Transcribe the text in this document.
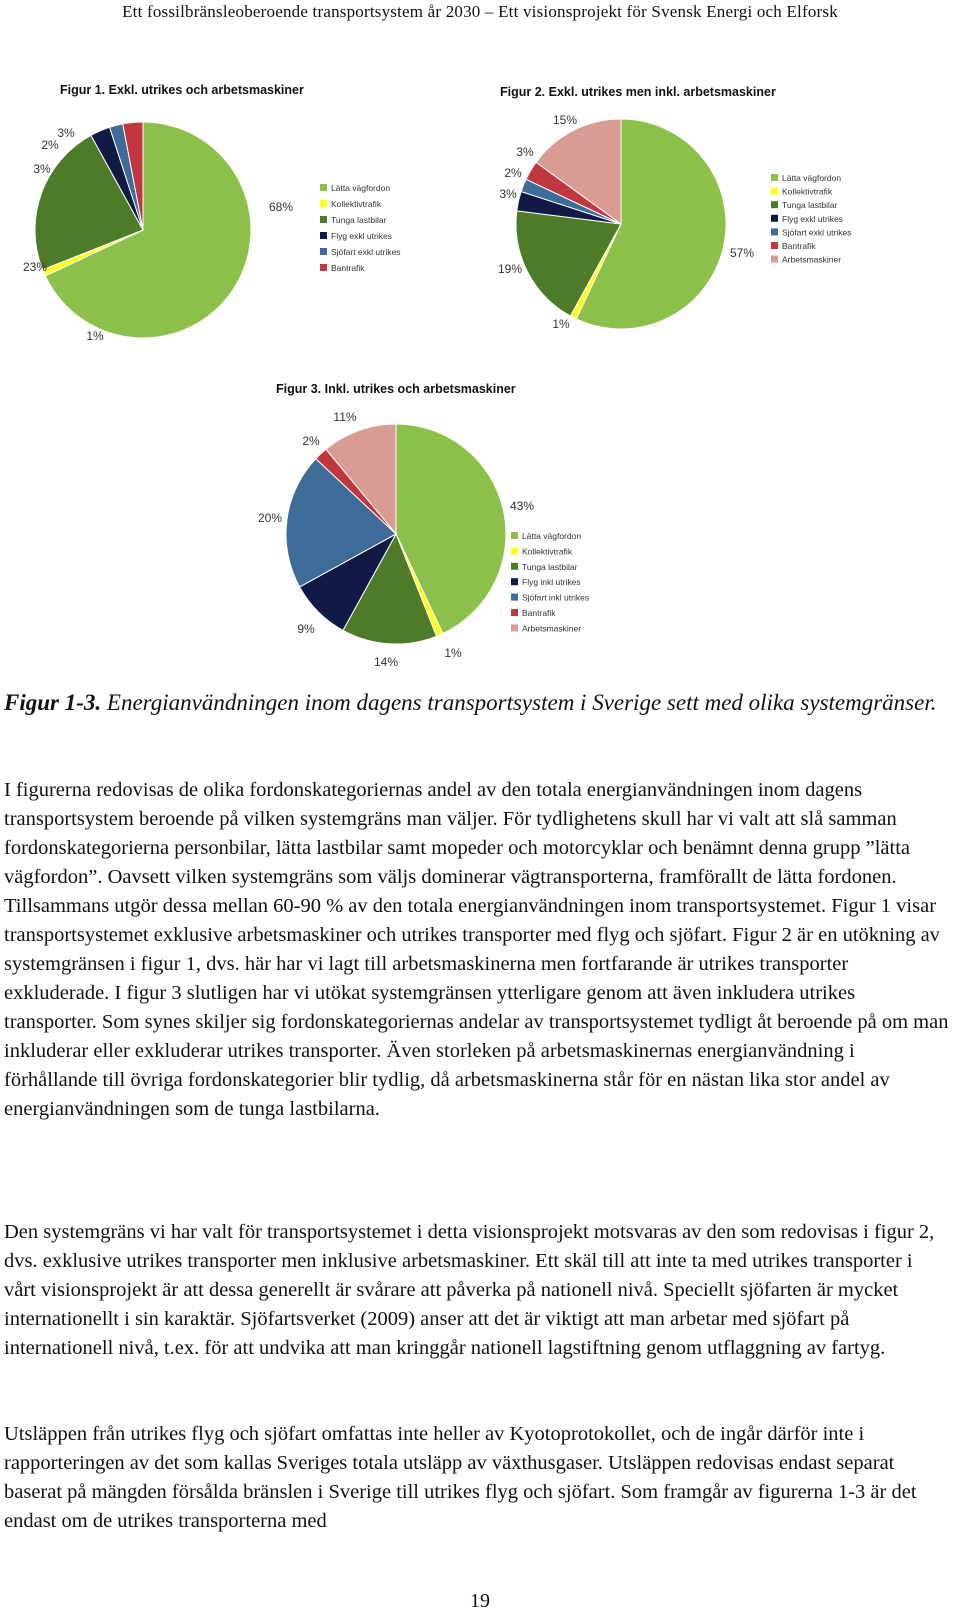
Ett fossilbränsleoberoende transportsystem år 2030 – Ett visionsprojekt för Svensk Energi och Elforsk
Figur 1. Exkl. utrikes och arbetsmaskiner	Figur 2. Exkl. utrikes men inkl. arbetsmaskiner
Figur 3. Inkl. utrikes och arbetsmaskiner
68%
1%
23%
3%
2%
3%
Lätta vägfordon
Kollektivtrafik
Tunga lastbilar
Flyg exkl utrikes
Sjöfart exkl utrikes
Bantrafik
57%
1%
19%
3%
2%
3%
15%
Lätta vägfordon
Kollektivtrafik
Tunga lastbilar
Flyg exkl utrikes
Sjöfart exkl utrikes
Bantrafik
Arbetsmaskiner
43%
1%
14%
9%
20%
2%
11%
Lätta vägfordon
Kollektivtrafik
Tunga lastbilar
Flyg inkl utrikes
Sjöfart inkl utrikes
Bantrafik
Arbetsmaskiner
Figur 1-3. Energianvändningen inom dagens transportsystem i Sverige sett med olika systemgränser.

I figurerna redovisas de olika fordonskategoriernas andel av den totala energianvändningen inom dagens transportsystem beroende på vilken systemgräns man väljer. För tydlighetens skull har vi valt att slå samman fordonskategorierna personbilar, lätta lastbilar samt mopeder och motorcyklar och benämnt denna grupp ”lätta vägfordon”. Oavsett vilken systemgräns som väljs dominerar vägtransporterna, framförallt de lätta fordonen. Tillsammans utgör dessa mellan 60-90 % av den totala energianvändningen inom transportsystemet. Figur 1 visar transportsystemet exklusive arbetsmaskiner och utrikes transporter med flyg och sjöfart. Figur 2 är en utökning av systemgränsen i figur 1, dvs. här har vi lagt till arbetsmaskinerna men fortfarande är utrikes transporter exkluderade. I figur 3 slutligen har vi utökat systemgränsen ytterligare genom att även inkludera utrikes transporter. Som synes skiljer sig fordonskategoriernas andelar av transportsystemet tydligt åt beroende på om man inkluderar eller exkluderar utrikes transporter. Även storleken på arbetsmaskinernas energianvändning i förhållande till övriga fordonskategorier blir tydlig, då arbetsmaskinerna står för en nästan lika stor andel av energianvändningen som de tunga lastbilarna.

Den systemgräns vi har valt för transportsystemet i detta visionsprojekt motsvaras av den som redovisas i figur 2, dvs. exklusive utrikes transporter men inklusive arbetsmaskiner. Ett skäl till att inte ta med utrikes transporter i vårt visionsprojekt är att dessa generellt är svårare att påverka på nationell nivå. Speciellt sjöfarten är mycket internationellt i sin karaktär. Sjöfartsverket (2009) anser att det är viktigt att man arbetar med sjöfart på internationell nivå, t.ex. för att undvika att man kringgår nationell lagstiftning genom utflaggning av fartyg.

Utsläppen från utrikes flyg och sjöfart omfattas inte heller av Kyotoprotokollet, och de ingår därför inte i rapporteringen av det som kallas Sveriges totala utsläpp av växthusgaser. Utsläppen redovisas endast separat baserat på mängden försålda bränslen i Sverige till utrikes flyg och sjöfart. Som framgår av figurerna 1-3 är det endast om de utrikes transporterna med

19
